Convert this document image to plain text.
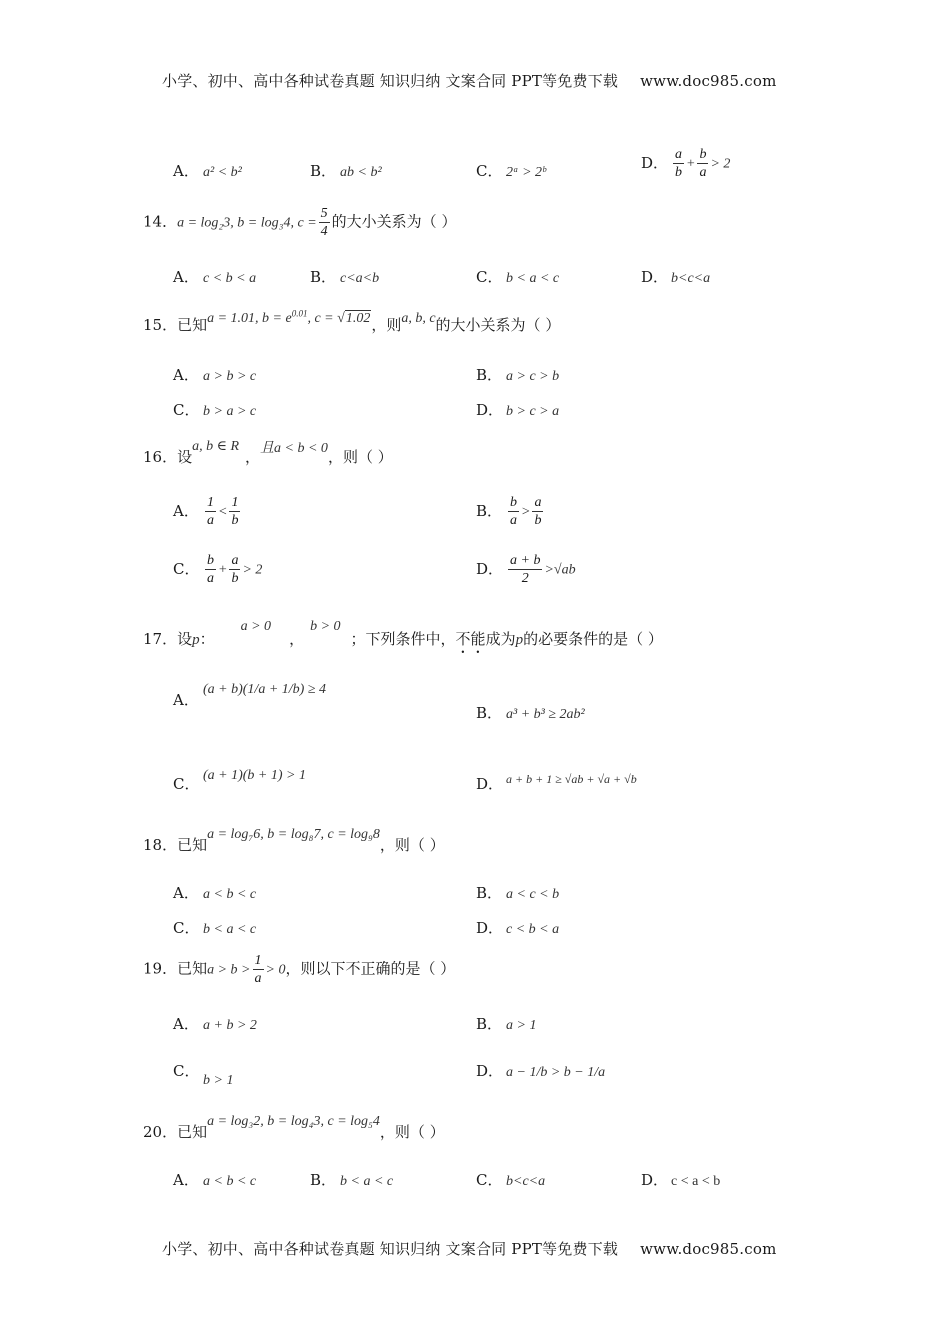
小学、初中、高中各种试卷真题 知识归纳 文案合同 PPT等免费下载 www.doc985.com
A． a² < b²	B． ab < b²	C． 2ᵃ > 2ᵇ
D． $\frac{a}{b} + \frac{b}{a} > 2$
14．a = log₂3, b = log₃4, $c = \frac{5}{4}$ 的大小关系为（ ）
A． c < b < a	B． c<a<b	C． b < a < c	D． b<c<a
15．已知a = 1.01, $b = e^{0.01}$, c = √1.02，则a, b, c的大小关系为（ ）
A． a > b > c	B． a > c > b
C． b > a > c	D． b > c > a
16．设a, b ∈ R，且a < b < 0，则（ ）
A． $\frac{1}{a} < \frac{1}{b}$	B． $\frac{b}{a} > \frac{a}{b}$
C． $\frac{b}{a} + \frac{a}{b} > 2$	D． $\frac{a + b}{2} >√ab$
17．设p：a > 0，b > 0；下列条件中，不能成为p的必要条件的是（ ）
A．(a + b)(1/a + 1/b) ≥ 4
B． a³ + b³ ≥ 2ab²
C． (a + 1)(b + 1) > 1	D． $^{a + b + 1 \ge √ab + √a + √b}$
18．已知a = log₇6, b = log₈7, c = log₉8，则（ ）
A． a < b < c	B． a < c < b
C． b < a < c	D． c < b < a
19．已知$a > b > \frac{1}{a} > 0$，则以下不正确的是（ ）
A． a + b > 2	B． a > 1
C．b > 1
D． a − 1/b > b − 1/a
20．已知a = log₃2, b = log₄3, c = log₅4，则（ ）
A． a < b < c	B． b < a < c	C． b<c<a	D． c < a < b
小学、初中、高中各种试卷真题 知识归纳 文案合同 PPT等免费下载 www.doc985.com
